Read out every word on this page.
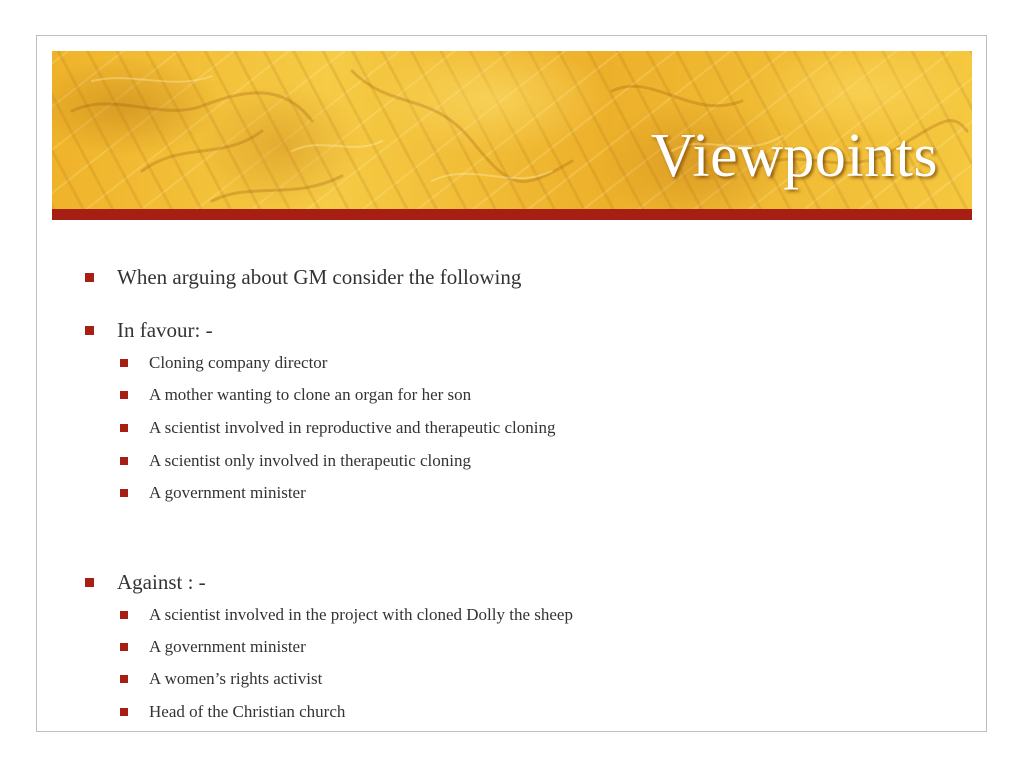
Viewpoints
When arguing about GM consider the following
In favour: -
Cloning company director
A mother wanting to clone an organ for her son
A scientist involved in reproductive and therapeutic cloning
A scientist only involved in therapeutic cloning
A government minister
Against : -
A scientist involved in the project with cloned Dolly the sheep
A government minister
A women’s rights activist
Head of the Christian church
